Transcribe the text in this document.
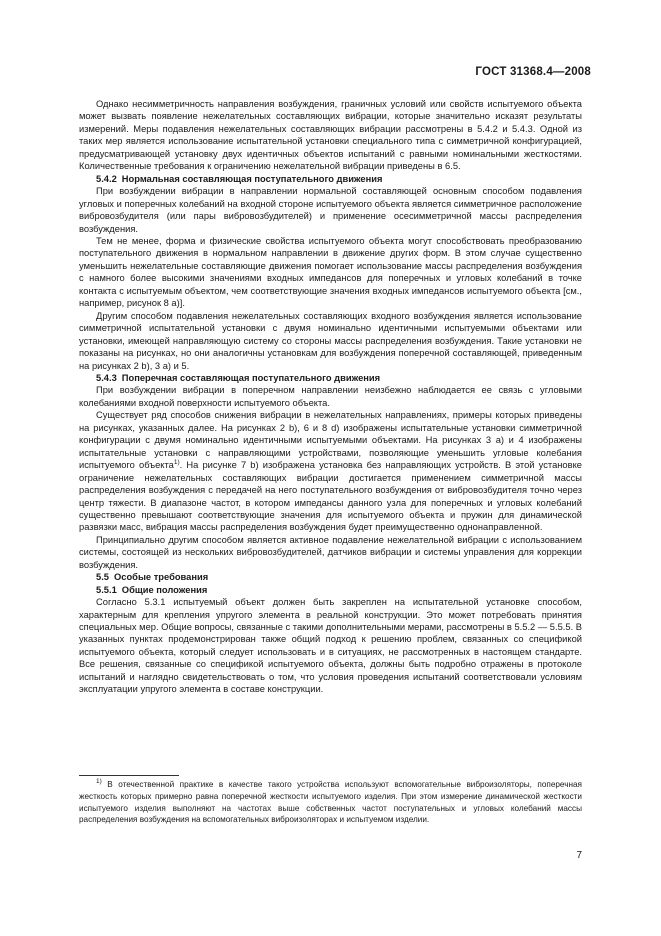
ГОСТ 31368.4—2008

Однако несимметричность направления возбуждения, граничных условий или свойств испытуемого объекта может вызвать появление нежелательных составляющих вибрации, которые значительно исказят результаты измерений. Меры подавления нежелательных составляющих вибрации рассмотрены в 5.4.2 и 5.4.3. Одной из таких мер является использование испытательной установки специального типа с симметричной конфигурацией, предусматривающей установку двух идентичных объектов испытаний с равными номинальными жесткостями. Количественные требования к ограничению нежелательной вибрации приведены в 6.5.

5.4.2 Нормальная составляющая поступательного движения

При возбуждении вибрации в направлении нормальной составляющей основным способом подавления угловых и поперечных колебаний на входной стороне испытуемого объекта является симметричное расположение вибровозбудителя (или пары вибровозбудителей) и применение осесимметричной массы распределения возбуждения.

Тем не менее, форма и физические свойства испытуемого объекта могут способствовать преобразованию поступательного движения в нормальном направлении в движение других форм. В этом случае существенно уменьшить нежелательные составляющие движения помогает использование массы распределения возбуждения с намного более высокими значениями входных импедансов для поперечных и угловых колебаний в точке контакта с испытуемым объектом, чем соответствующие значения входных импедансов испытуемого объекта [см., например, рисунок 8 а)].

Другим способом подавления нежелательных составляющих входного возбуждения является использование симметричной испытательной установки с двумя номинально идентичными испытуемыми объектами или установки, имеющей направляющую систему со стороны массы распределения возбуждения. Такие установки не показаны на рисунках, но они аналогичны установкам для возбуждения поперечной составляющей, приведенным на рисунках 2 b), 3 а) и 5.

5.4.3 Поперечная составляющая поступательного движения

При возбуждении вибрации в поперечном направлении неизбежно наблюдается ее связь с угловыми колебаниями входной поверхности испытуемого объекта.

Существует ряд способов снижения вибрации в нежелательных направлениях, примеры которых приведены на рисунках, указанных далее. На рисунках 2 b), 6 и 8 d) изображены испытательные установки симметричной конфигурации с двумя номинально идентичными испытуемыми объектами. На рисунках 3 а) и 4 изображены испытательные установки с направляющими устройствами, позволяющие уменьшить угловые колебания испытуемого объекта$^{1)}$. На рисунке 7 b) изображена установка без направляющих устройств. В этой установке ограничение нежелательных составляющих вибрации достигается применением симметричной массы распределения возбуждения с передачей на него поступательного возбуждения от вибровозбудителя точно через центр тяжести. В диапазоне частот, в котором импедансы данного узла для поперечных и угловых колебаний существенно превышают соответствующие значения для испытуемого объекта и пружин для динамической развязки масс, вибрация массы распределения возбуждения будет преимущественно однонаправленной.

Принципиально другим способом является активное подавление нежелательной вибрации с использованием системы, состоящей из нескольких вибровозбудителей, датчиков вибрации и системы управления для коррекции возбуждения.

5.5 Особые требования
5.5.1 Общие положения

Согласно 5.3.1 испытуемый объект должен быть закреплен на испытательной установке способом, характерным для крепления упругого элемента в реальной конструкции. Это может потребовать принятия специальных мер. Общие вопросы, связанные с такими дополнительными мерами, рассмотрены в 5.5.2 — 5.5.5. В указанных пунктах продемонстрирован также общий подход к решению проблем, связанных со спецификой испытуемого объекта, который следует использовать и в ситуациях, не рассмотренных в настоящем стандарте. Все решения, связанные со спецификой испытуемого объекта, должны быть подробно отражены в протоколе испытаний и наглядно свидетельствовать о том, что условия проведения испытаний соответствовали условиям эксплуатации упругого элемента в составе конструкции.

$^{1)}$ В отечественной практике в качестве такого устройства используют вспомогательные виброизоляторы, поперечная жесткость которых примерно равна поперечной жесткости испытуемого изделия. При этом измерение динамической жесткости испытуемого изделия выполняют на частотах выше собственных частот поступательных и угловых колебаний массы распределения возбуждения на вспомогательных виброизоляторах и испытуемом изделии.

7
